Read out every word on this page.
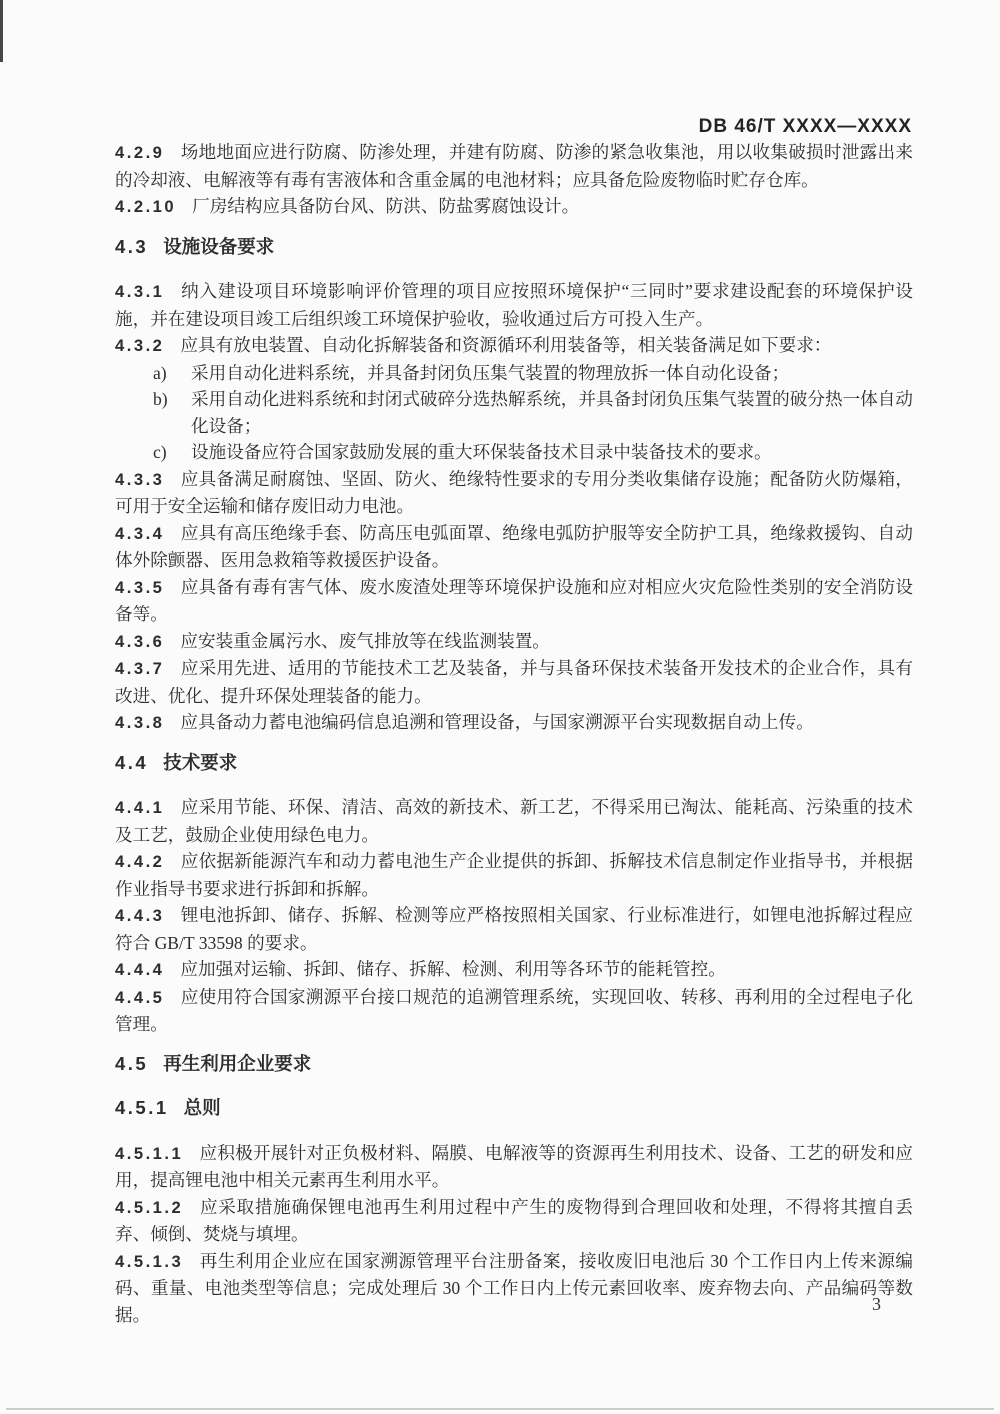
DB 46/T XXXX—XXXX

4.2.9 场地地面应进行防腐、防渗处理，并建有防腐、防渗的紧急收集池，用以收集破损时泄露出来的冷却液、电解液等有毒有害液体和含重金属的电池材料；应具备危险废物临时贮存仓库。

4.2.10 厂房结构应具备防台风、防洪、防盐雾腐蚀设计。

4.3 设施设备要求

4.3.1 纳入建设项目环境影响评价管理的项目应按照环境保护“三同时”要求建设配套的环境保护设施，并在建设项目竣工后组织竣工环境保护验收，验收通过后方可投入生产。

4.3.2 应具有放电装置、自动化拆解装备和资源循环利用装备等，相关装备满足如下要求：

a) 采用自动化进料系统，并具备封闭负压集气装置的物理放拆一体自动化设备；

b) 采用自动化进料系统和封闭式破碎分选热解系统，并具备封闭负压集气装置的破分热一体自动化设备；

c) 设施设备应符合国家鼓励发展的重大环保装备技术目录中装备技术的要求。

4.3.3 应具备满足耐腐蚀、坚固、防火、绝缘特性要求的专用分类收集储存设施；配备防火防爆箱，可用于安全运输和储存废旧动力电池。

4.3.4 应具有高压绝缘手套、防高压电弧面罩、绝缘电弧防护服等安全防护工具，绝缘救援钩、自动体外除颤器、医用急救箱等救援医护设备。

4.3.5 应具备有毒有害气体、废水废渣处理等环境保护设施和应对相应火灾危险性类别的安全消防设备等。

4.3.6 应安装重金属污水、废气排放等在线监测装置。

4.3.7 应采用先进、适用的节能技术工艺及装备，并与具备环保技术装备开发技术的企业合作，具有改进、优化、提升环保处理装备的能力。

4.3.8 应具备动力蓄电池编码信息追溯和管理设备，与国家溯源平台实现数据自动上传。

4.4 技术要求

4.4.1 应采用节能、环保、清洁、高效的新技术、新工艺，不得采用已淘汰、能耗高、污染重的技术及工艺，鼓励企业使用绿色电力。

4.4.2 应依据新能源汽车和动力蓄电池生产企业提供的拆卸、拆解技术信息制定作业指导书，并根据作业指导书要求进行拆卸和拆解。

4.4.3 锂电池拆卸、储存、拆解、检测等应严格按照相关国家、行业标准进行，如锂电池拆解过程应符合 GB/T 33598 的要求。

4.4.4 应加强对运输、拆卸、储存、拆解、检测、利用等各环节的能耗管控。

4.4.5 应使用符合国家溯源平台接口规范的追溯管理系统，实现回收、转移、再利用的全过程电子化管理。

4.5 再生利用企业要求

4.5.1 总则

4.5.1.1 应积极开展针对正负极材料、隔膜、电解液等的资源再生利用技术、设备、工艺的研发和应用，提高锂电池中相关元素再生利用水平。

4.5.1.2 应采取措施确保锂电池再生利用过程中产生的废物得到合理回收和处理，不得将其擅自丢弃、倾倒、焚烧与填埋。

4.5.1.3 再生利用企业应在国家溯源管理平台注册备案，接收废旧电池后 30 个工作日内上传来源编码、重量、电池类型等信息；完成处理后 30 个工作日内上传元素回收率、废弃物去向、产品编码等数据。

3
